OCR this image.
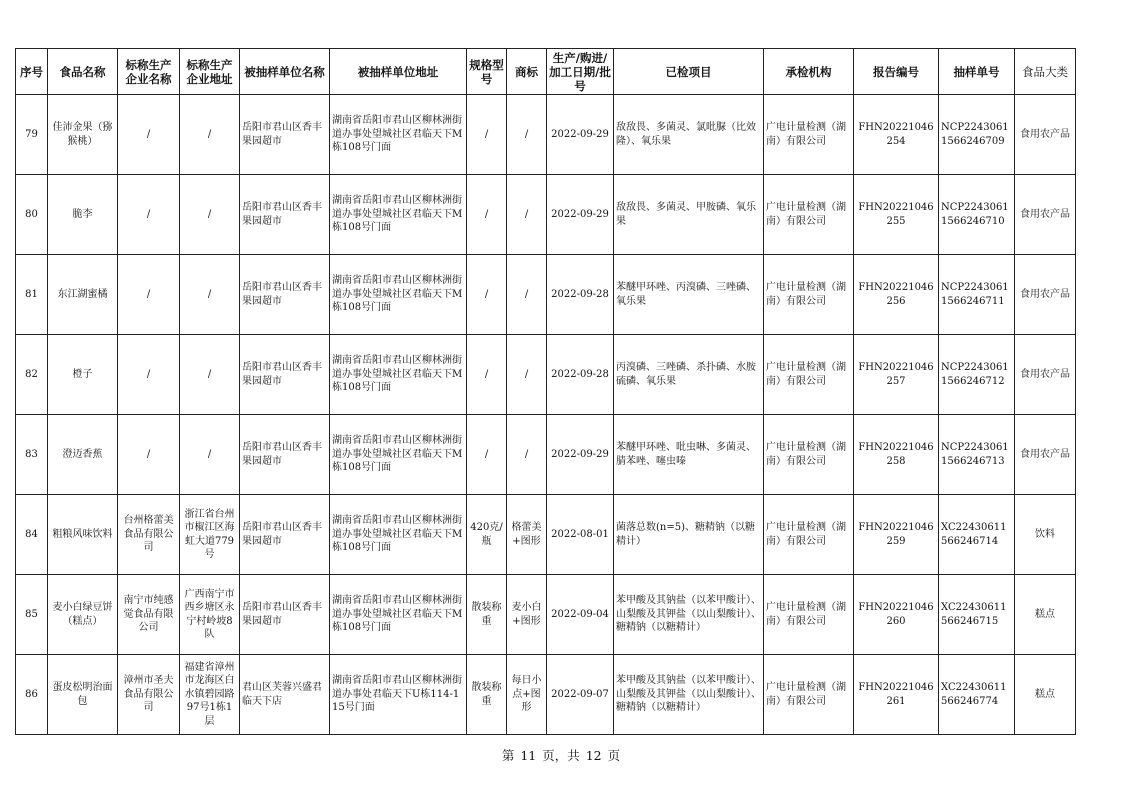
序号	食品名称	标称生产企业名称	标称生产企业地址	被抽样单位名称	被抽样单位地址	规格型号	商标	生产/购进/加工日期/批号	已检项目	承检机构	报告编号	抽样单号	食品大类
79	佳沛金果（猕猴桃）	/	/	岳阳市君山区香丰果园超市	湖南省岳阳市君山区柳林洲街道办事处望城社区君临天下M栋108号门面	/	/	2022-09-29	敌敌畏、多菌灵、氯吡脲（比效隆）、氧乐果	广电计量检测（湖南）有限公司	FHN20221046254	NCP22430611566246709	食用农产品
80	脆李	/	/	岳阳市君山区香丰果园超市	湖南省岳阳市君山区柳林洲街道办事处望城社区君临天下M栋108号门面	/	/	2022-09-29	敌敌畏、多菌灵、甲胺磷、氧乐果	广电计量检测（湖南）有限公司	FHN20221046255	NCP22430611566246710	食用农产品
81	东江湖蜜橘	/	/	岳阳市君山区香丰果园超市	湖南省岳阳市君山区柳林洲街道办事处望城社区君临天下M栋108号门面	/	/	2022-09-28	苯醚甲环唑、丙溴磷、三唑磷、氧乐果	广电计量检测（湖南）有限公司	FHN20221046256	NCP22430611566246711	食用农产品
82	橙子	/	/	岳阳市君山区香丰果园超市	湖南省岳阳市君山区柳林洲街道办事处望城社区君临天下M栋108号门面	/	/	2022-09-28	丙溴磷、三唑磷、杀扑磷、水胺硫磷、氧乐果	广电计量检测（湖南）有限公司	FHN20221046257	NCP22430611566246712	食用农产品
83	澄迈香蕉	/	/	岳阳市君山区香丰果园超市	湖南省岳阳市君山区柳林洲街道办事处望城社区君临天下M栋108号门面	/	/	2022-09-29	苯醚甲环唑、吡虫啉、多菌灵、腈苯唑、噻虫嗪	广电计量检测（湖南）有限公司	FHN20221046258	NCP22430611566246713	食用农产品
84	粗粮风味饮料	台州格蕾美食品有限公司	浙江省台州市椒江区海虹大道779号	岳阳市君山区香丰果园超市	湖南省岳阳市君山区柳林洲街道办事处望城社区君临天下M栋108号门面	420克/瓶	格蕾美+图形	2022-08-01	菌落总数(n=5)、糖精钠（以糖精计）	广电计量检测（湖南）有限公司	FHN20221046259	XC22430611566246714	饮料
85	麦小白绿豆饼（糕点）	南宁市纯感觉食品有限公司	广西南宁市西乡塘区永宁村岭坡8队	岳阳市君山区香丰果园超市	湖南省岳阳市君山区柳林洲街道办事处望城社区君临天下M栋108号门面	散装称重	麦小白+图形	2022-09-04	苯甲酸及其钠盐（以苯甲酸计）、山梨酸及其钾盐（以山梨酸计）、糖精钠（以糖精计）	广电计量检测（湖南）有限公司	FHN20221046260	XC22430611566246715	糕点
86	蛋皮松明治面包	漳州市圣夫食品有限公司	福建省漳州市龙海区白水镇碧园路97号1栋1层	君山区芙蓉兴盛君临天下店	湖南省岳阳市君山区柳林洲街道办事处君临天下U栋114-115号门面	散装称重	每日小点+图形	2022-09-07	苯甲酸及其钠盐（以苯甲酸计）、山梨酸及其钾盐（以山梨酸计）、糖精钠（以糖精计）	广电计量检测（湖南）有限公司	FHN20221046261	XC22430611566246774	糕点
第 11 页，共 12 页
